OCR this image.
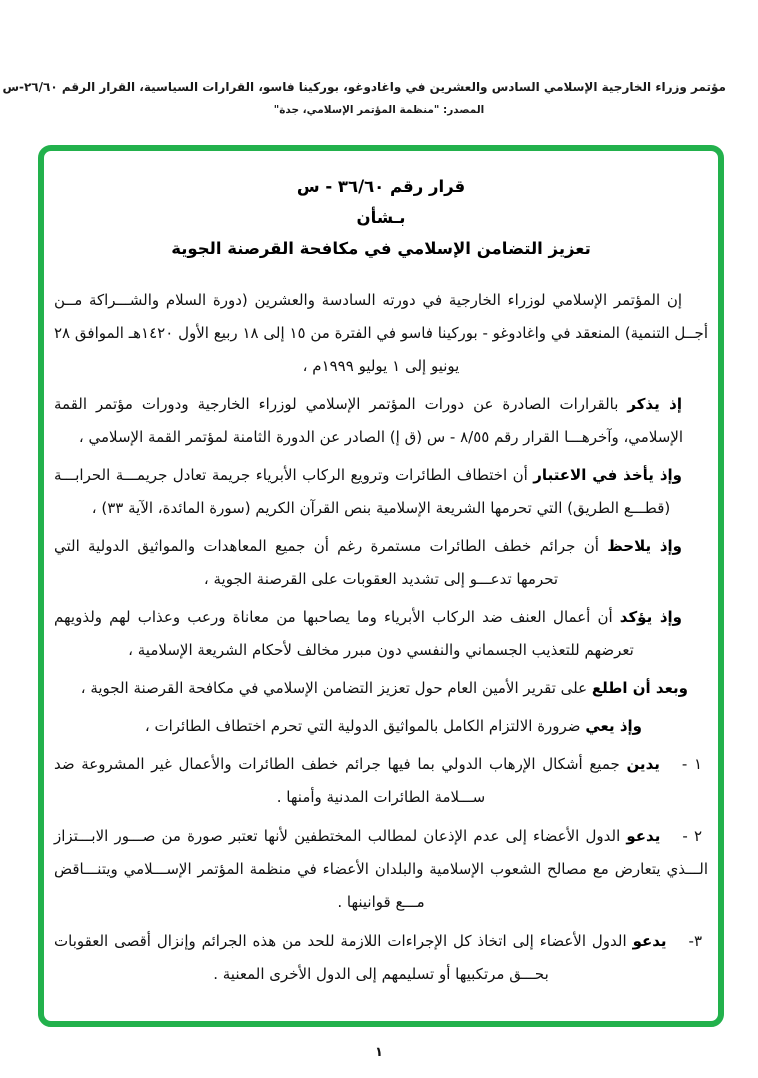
مؤتمر وزراء الخارجية الإسلامي السادس والعشرين في واغادوغو، بوركينا فاسو، القرارات السياسية، القرار الرقم ٢٦/٦٠-س
المصدر: "منظمة المؤتمر الإسلامي، جدة"
قرار رقم ٣٦/٦٠ - س
بـشأن
تعزيز التضامن الإسلامي في مكافحة القرصنة الجوية

إن المؤتمر الإسلامي لوزراء الخارجية في دورته السادسة والعشرين (دورة السلام والشـــراكة مــن أجــل التنمية) المنعقد في واغادوغو - بوركينا فاسو في الفترة من ١٥ إلى ١٨ ربيع الأول ١٤٢٠هـ الموافق ٢٨ يونيو إلى ١ يوليو ١٩٩٩م ،

إذ يذكر بالقرارات الصادرة عن دورات المؤتمر الإسلامي لوزراء الخارجية ودورات مؤتمر القمة الإسلامي، وآخرهـــا القرار رقم ٨/٥٥ - س (ق إ) الصادر عن الدورة الثامنة لمؤتمر القمة الإسلامي ،

وإذ يأخذ في الاعتبار أن اختطاف الطائرات وترويع الركاب الأبرياء جريمة تعادل جريمـــة الحرابـــة (قطـــع الطريق) التي تحرمها الشريعة الإسلامية بنص القرآن الكريم (سورة المائدة، الآية ٣٣) ،

وإذ يلاحظ أن جرائم خطف الطائرات مستمرة رغم أن جميع المعاهدات والمواثيق الدولية التي تحرمها تدعـــو إلى تشديد العقوبات على القرصنة الجوية ،

وإذ يؤكد أن أعمال العنف ضد الركاب الأبرياء وما يصاحبها من معاناة ورعب وعذاب لهم ولذويهم تعرضهم للتعذيب الجسماني والنفسي دون مبرر مخالف لأحكام الشريعة الإسلامية ،

وبعد أن اطلع على تقرير الأمين العام حول تعزيز التضامن الإسلامي في مكافحة القرصنة الجوية ،

وإذ يعي ضرورة الالتزام الكامل بالمواثيق الدولية التي تحرم اختطاف الطائرات ،

١ -يدين جميع أشكال الإرهاب الدولي بما فيها جرائم خطف الطائرات والأعمال غير المشروعة ضد ســـلامة الطائرات المدنية وأمنها .

٢ -يدعو الدول الأعضاء إلى عدم الإذعان لمطالب المختطفين لأنها تعتبر صورة من صـــور الابـــتزاز الـــذي يتعارض مع مصالح الشعوب الإسلامية والبلدان الأعضاء في منظمة المؤتمر الإســـلامي ويتنـــاقض مـــع قوانينها .

٣-يدعو الدول الأعضاء إلى اتخاذ كل الإجراءات اللازمة للحد من هذه الجرائم وإنزال أقصى العقوبات بحـــق مرتكبيها أو تسليمهم إلى الدول الأخرى المعنية .

١
